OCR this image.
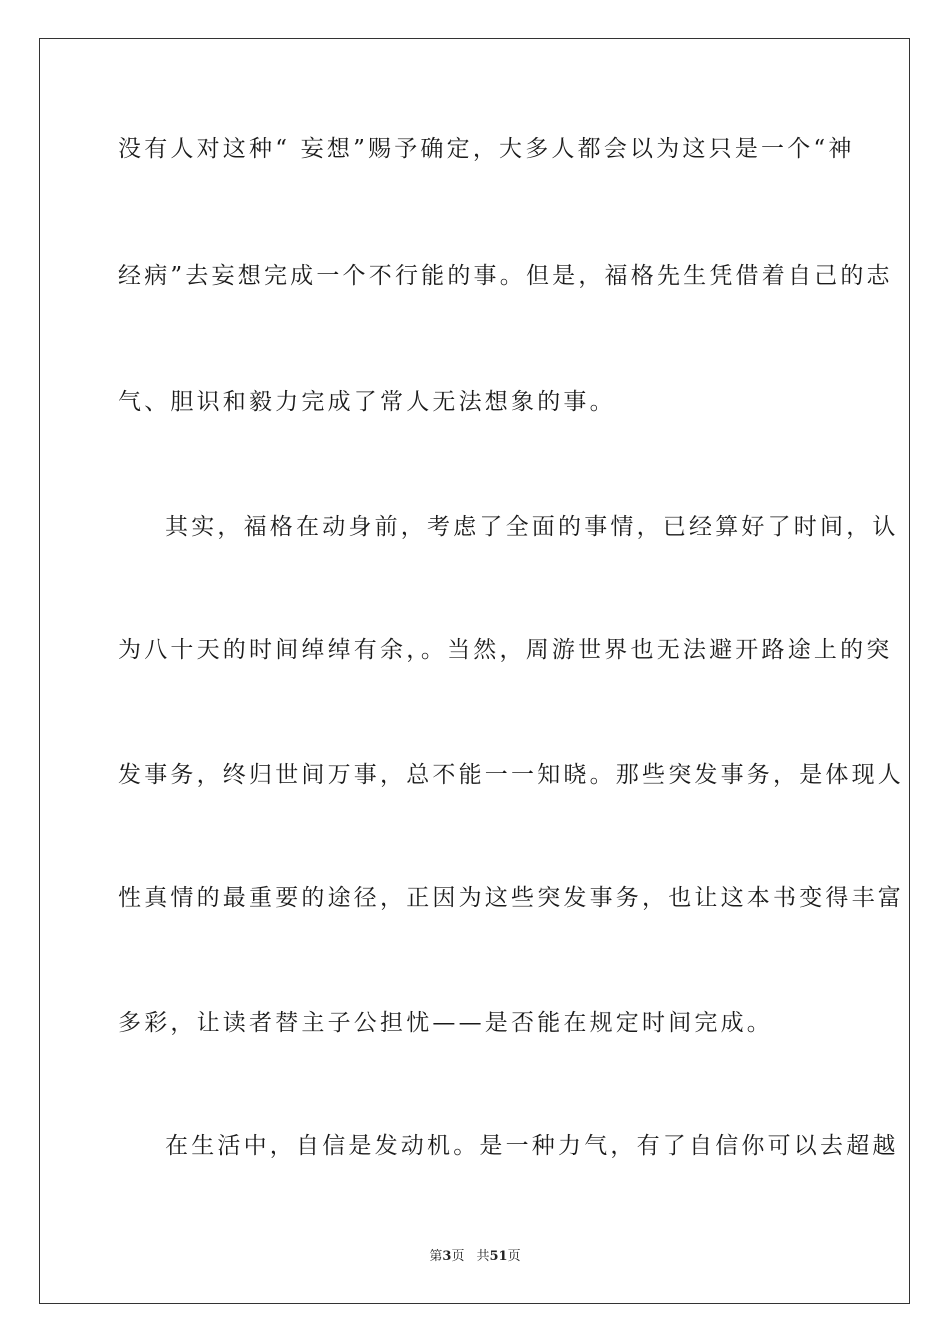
没有人对这种“ 妄想”赐予确定，大多人都会以为这只是一个“神
经病”去妄想完成一个不行能的事。但是，福格先生凭借着自己的志
气、胆识和毅力完成了常人无法想象的事。
其实，福格在动身前，考虑了全面的事情，已经算好了时间，认
为八十天的时间绰绰有余，。当然，周游世界也无法避开路途上的突
发事务，终归世间万事，总不能一一知晓。那些突发事务，是体现人
性真情的最重要的途径，正因为这些突发事务，也让这本书变得丰富
多彩，让读者替主子公担忧——是否能在规定时间完成。
在生活中，自信是发动机。是一种力气，有了自信你可以去超越
第3页 共51页
